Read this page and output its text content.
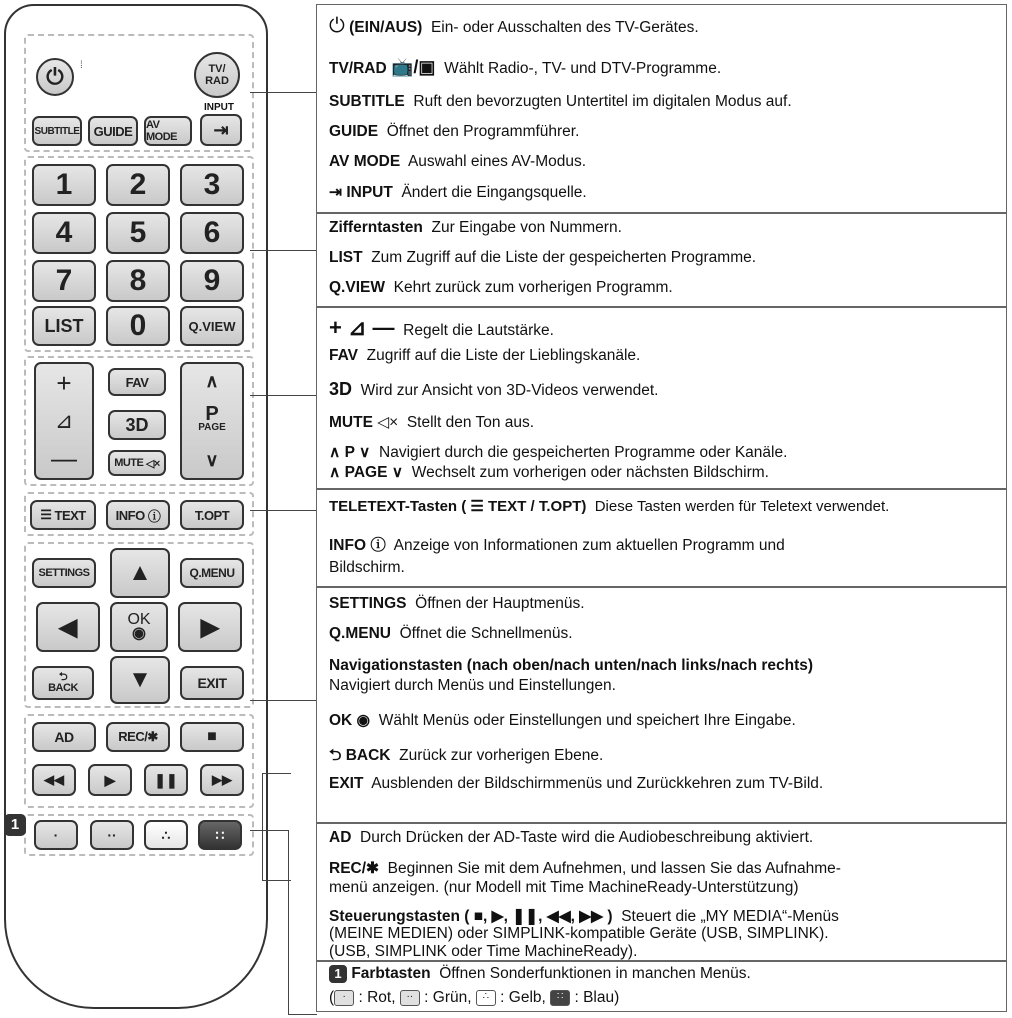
⏻	⁞	TV/
RAD
SUBTITLE	GUIDE	AV MODE
INPUT
⇥
1	2	3
4	5	6
7	8	9
LIST	0	Q.VIEW
+
⊿
—
FAV
3D
MUTE ◁×
∧
P
PAGE
∨
☰ TEXT INFO ⓘ	T.OPT
SETTINGS	▲	Q.MENU
◀	OK
◉	▶
⮌
BACK	▼	EXIT
AD	REC/✱	■
◀◀	▶	❚❚	▶▶
1
·	··	∴	∷
⏻ (EIN/AUS) Ein- oder Ausschalten des TV-Gerätes.
TV/RAD 📺/▣ Wählt Radio-, TV- und DTV-Programme.
SUBTITLE Ruft den bevorzugten Untertitel im digitalen Modus auf.
GUIDE Öffnet den Programmführer.
AV MODE Auswahl eines AV-Modus.
⇥ INPUT Ändert die Eingangsquelle.
Zifferntasten Zur Eingabe von Nummern.
LIST Zum Zugriff auf die Liste der gespeicherten Programme.
Q.VIEW Kehrt zurück zum vorherigen Programm.
+ ⊿ — Regelt die Lautstärke.
FAV Zugriff auf die Liste der Lieblingskanäle.
3D Wird zur Ansicht von 3D-Videos verwendet.
MUTE ◁× Stellt den Ton aus.
∧ P ∨ Navigiert durch die gespeicherten Programme oder Kanäle.
∧ PAGE ∨ Wechselt zum vorherigen oder nächsten Bildschirm.
TELETEXT-Tasten ( ☰ TEXT / T.OPT) Diese Tasten werden für Teletext verwendet.
INFO ⓘ Anzeige von Informationen zum aktuellen Programm und
Bildschirm.
SETTINGS Öffnen der Hauptmenüs.
Q.MENU Öffnet die Schnellmenüs.
Navigationstasten (nach oben/nach unten/nach links/nach rechts)
Navigiert durch Menüs und Einstellungen.
OK ◉ Wählt Menüs oder Einstellungen und speichert Ihre Eingabe.
⮌ BACK Zurück zur vorherigen Ebene.
EXIT Ausblenden der Bildschirmmenüs und Zurückkehren zum TV-Bild.
AD Durch Drücken der AD-Taste wird die Audiobeschreibung aktiviert.
REC/✱ Beginnen Sie mit dem Aufnehmen, und lassen Sie das Aufnahme-
menü anzeigen. (nur Modell mit Time MachineReady-Unterstützung)
Steuerungstasten ( ■, ▶, ❚❚, ◀◀, ▶▶ ) Steuert die „MY MEDIA“-Menüs
(MEINE MEDIEN) oder SIMPLINK-kompatible Geräte (USB, SIMPLINK).
(USB, SIMPLINK oder Time MachineReady).
1 Farbtasten Öffnen Sonderfunktionen in manchen Menüs.
( · : Rot, ·· : Grün, ∴ : Gelb, ∷ : Blau)
